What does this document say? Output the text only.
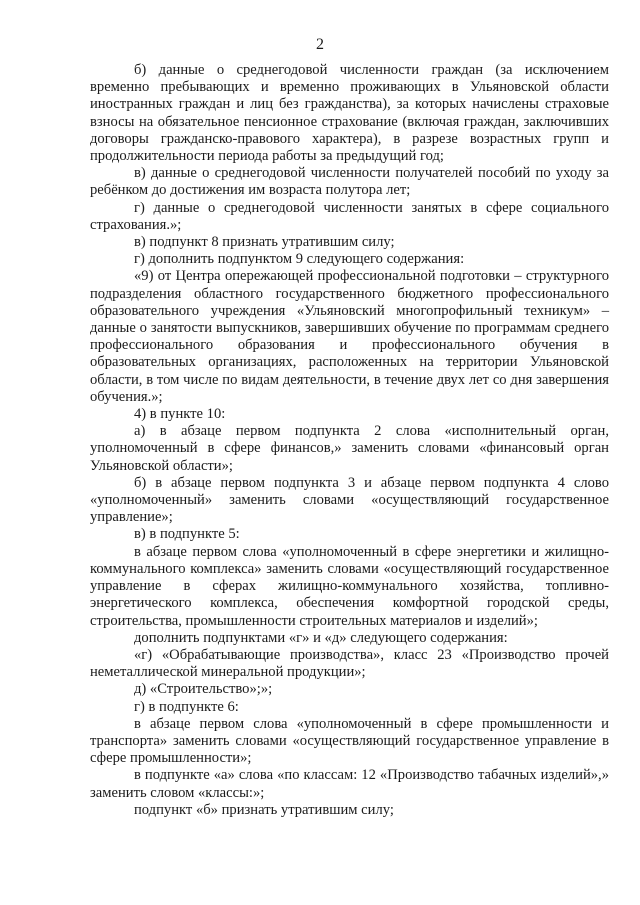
2

б) данные о среднегодовой численности граждан (за исключением временно пребывающих и временно проживающих в Ульяновской области иностранных граждан и лиц без гражданства), за которых начислены страховые взносы на обязательное пенсионное страхование (включая граждан, заключивших договоры гражданско-правового характера), в разрезе возрастных групп и продолжительности периода работы за предыдущий год;

в) данные о среднегодовой численности получателей пособий по уходу за ребёнком до достижения им возраста полутора лет;

г) данные о среднегодовой численности занятых в сфере социального страхования.»;

в) подпункт 8 признать утратившим силу;

г) дополнить подпунктом 9 следующего содержания:

«9) от Центра опережающей профессиональной подготовки – структурного подразделения областного государственного бюджетного профессионального образовательного учреждения «Ульяновский многопрофильный техникум» – данные о занятости выпускников, завершивших обучение по программам среднего профессионального образования и профессионального обучения в образовательных организациях, расположенных на территории Ульяновской области, в том числе по видам деятельности, в течение двух лет со дня завершения обучения.»;

4) в пункте 10:

а) в абзаце первом подпункта 2 слова «исполнительный орган, уполномоченный в сфере финансов,» заменить словами «финансовый орган Ульяновской области»;

б) в абзаце первом подпункта 3 и абзаце первом подпункта 4 слово «уполномоченный» заменить словами «осуществляющий государственное управление»;

в) в подпункте 5:

в абзаце первом слова «уполномоченный в сфере энергетики и жилищно-коммунального комплекса» заменить словами «осуществляющий государственное управление в сферах жилищно-коммунального хозяйства, топливно-энергетического комплекса, обеспечения комфортной городской среды, строительства, промышленности строительных материалов и изделий»;

дополнить подпунктами «г» и «д» следующего содержания:

«г) «Обрабатывающие производства», класс 23 «Производство прочей неметаллической минеральной продукции»;

д) «Строительство»;»;

г) в подпункте 6:

в абзаце первом слова «уполномоченный в сфере промышленности и транспорта» заменить словами «осуществляющий государственное управление в сфере промышленности»;

в подпункте «а» слова «по классам: 12 «Производство табачных изделий»,» заменить словом «классы:»;

подпункт «б» признать утратившим силу;
